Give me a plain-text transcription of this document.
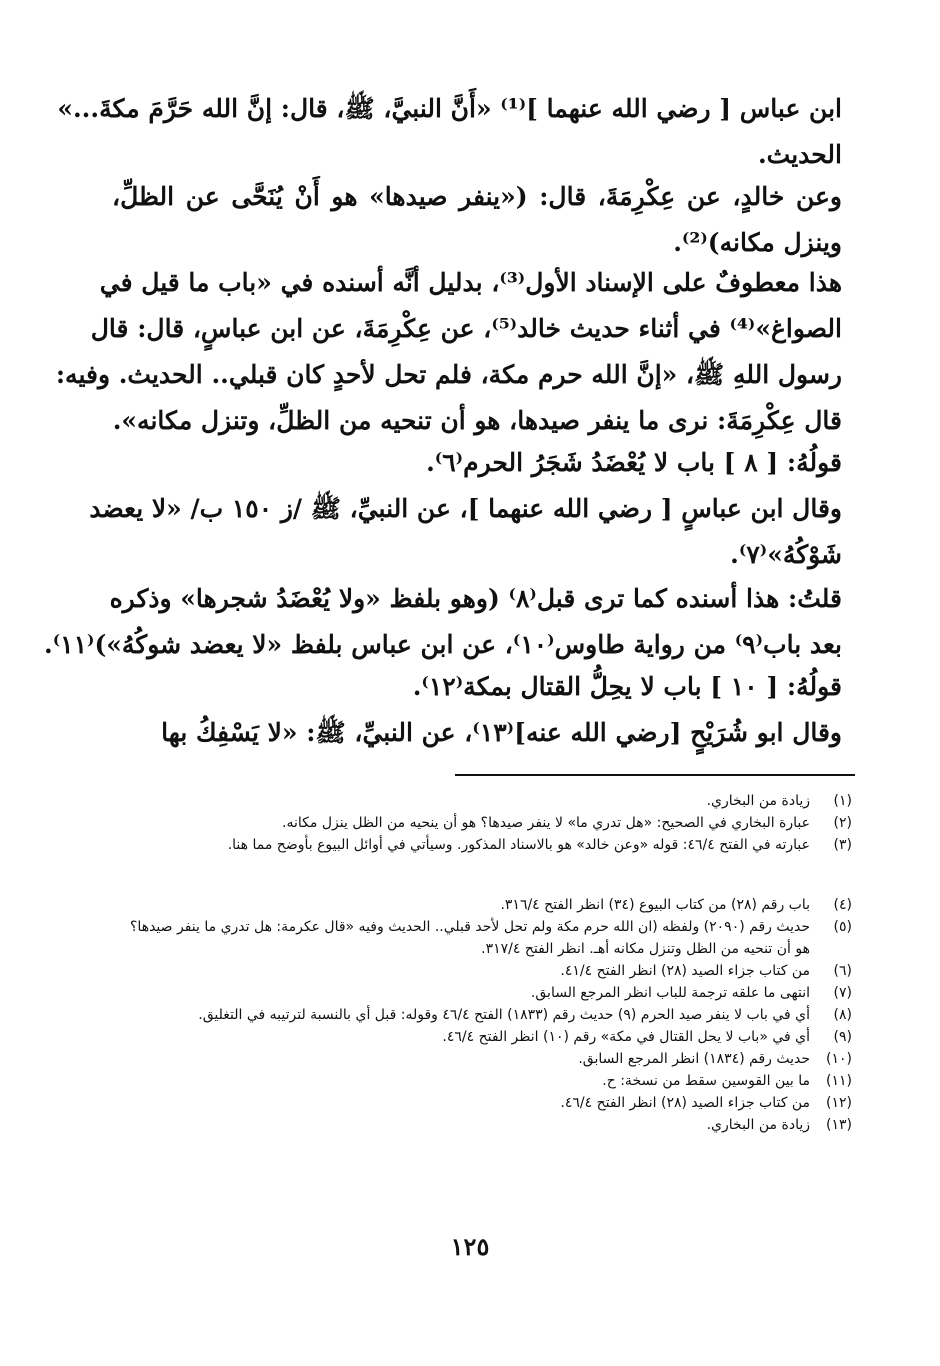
ابن عباس [ رضي الله عنهما ]⁽¹⁾ «أَنَّ النبيَّ، ﷺ، قال: إنَّ الله حَرَّمَ مكةَ...»
الحديث.

وعن خالدٍ، عن عِكْرِمَةَ، قال: («ينفر صيدها» هو أَنْ يُنَحَّى عن الظلِّ،
وينزل مكانه)⁽²⁾.

هذا معطوفٌ على الإسناد الأول⁽³⁾، بدليل أنَّه أسنده في «باب ما قيل في
الصواغ»⁽⁴⁾ في أثناء حديث خالد⁽⁵⁾، عن عِكْرِمَةَ، عن ابن عباسٍ، قال: قال
رسول اللهِ ﷺ، «إنَّ الله حرم مكة، فلم تحل لأحدٍ كان قبلي.. الحديث. وفيه:
قال عِكْرِمَةَ: نرى ما ينفر صيدها، هو أن تنحيه من الظلِّ، وتنزل مكانه».

قولُهُ: [ ٨ ] باب لا يُعْضَدُ شَجَرُ الحرم⁽٦⁾.

وقال ابن عباسٍ [ رضي الله عنهما ]، عن النبيِّ، ﷺ /ز ١٥٠ ب/ «لا يعضد
شَوْكُهُ»⁽٧⁾.

قلتُ: هذا أسنده كما ترى قبل⁽٨⁾ (وهو بلفظ «ولا يُعْضَدُ شجرها» وذكره
بعد باب⁽٩⁾ من رواية طاوس⁽١٠⁾، عن ابن عباس بلفظ «لا يعضد شوكُهُ»)⁽١١⁾.

قولُهُ: [ ١٠ ] باب لا يحِلُّ القتال بمكة⁽١٢⁾.

وقال ابو شُرَيْحٍ [رضي الله عنه]⁽١٣⁾، عن النبيِّ، ﷺ: «لا يَسْفِكُ بها

(١)
زيادة من البخاري.
(٢)
عبارة البخاري في الصحيح: «هل تدري ما» لا ينفر صيدها؟ هو أن ينحيه من الظل ينزل مكانه.
(٣)
عبارته في الفتح ٤٦/٤: قوله «وعن خالد» هو بالاسناد المذكور. وسيأتي في أوائل البيوع بأوضح مما هنا.
(٤)
باب رقم (٢٨) من كتاب البيوع (٣٤) انظر الفتح ٣١٦/٤.
(٥)
حديث رقم (٢٠٩٠) ولفظه (ان الله حرم مكة ولم تحل لأحد قبلي.. الحديث وفيه «قال عكرمة: هل تدري ما ينفر صيدها؟ هو أن تنحيه من الظل وتنزل مكانه أهـ. انظر الفتح ٣١٧/٤.
(٦)
من كتاب جزاء الصيد (٢٨) انظر الفتح ٤١/٤.
(٧)
انتهى ما علقه ترجمة للباب انظر المرجع السابق.
(٨)
أي في باب لا ينفر صيد الحرم (٩) حديث رقم (١٨٣٣) الفتح ٤٦/٤ وقوله: قبل أي بالنسبة لترتيبه في التغليق.
(٩)
أي في «باب لا يحل القتال في مكة» رقم (١٠) انظر الفتح ٤٦/٤.
(١٠)
حديث رقم (١٨٣٤) انظر المرجع السابق.
(١١)
ما بين القوسين سقط من نسخة: ح.
(١٢)
من كتاب جزاء الصيد (٢٨) انظر الفتح ٤٦/٤.
(١٣)
زيادة من البخاري.
١٢٥
